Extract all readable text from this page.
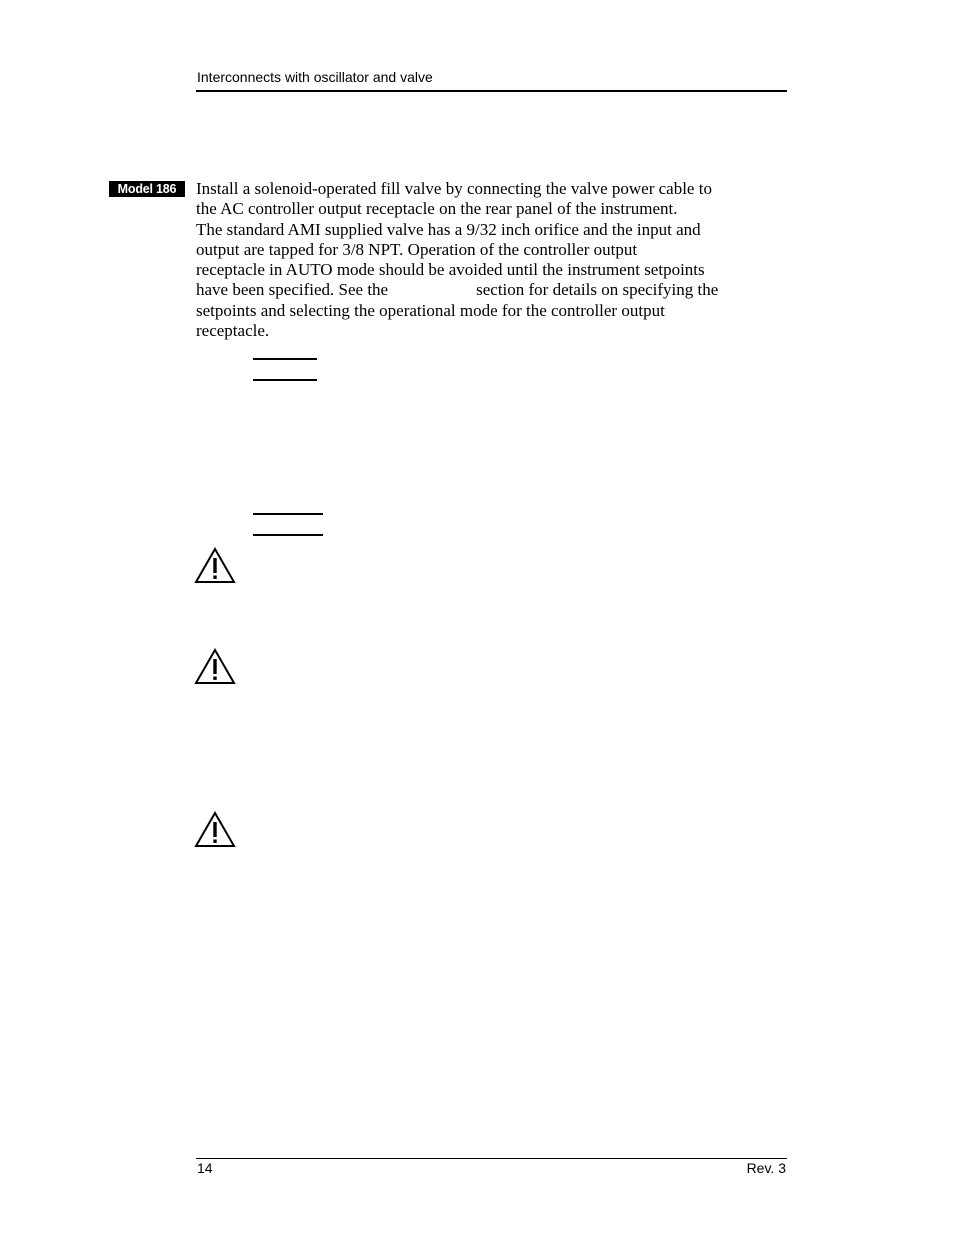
Interconnects with oscillator and valve
Model 186	Install a solenoid-operated fill valve by connecting the valve power cable to
the AC controller output receptacle on the rear panel of the instrument.
The standard AMI supplied valve has a 9/32 inch orifice and the input and
output are tapped for 3/8 NPT. Operation of the controller output
receptacle in AUTO mode should be avoided until the instrument setpoints
have been specified. See the	section for details on specifying the
setpoints and selecting the operational mode for the controller output
receptacle.

14	Rev. 3
